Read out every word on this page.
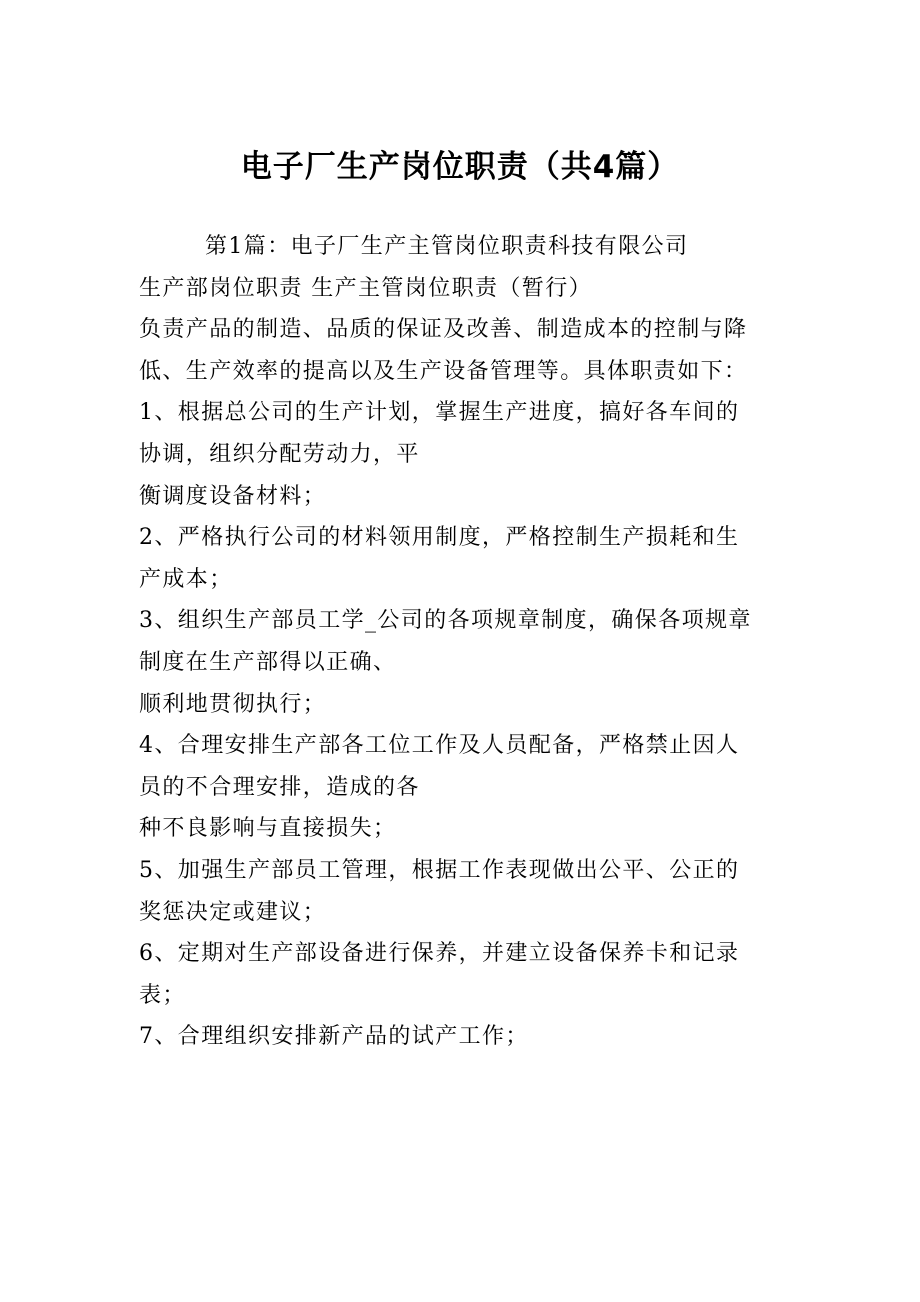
电子厂生产岗位职责（共4篇）

第1篇：电子厂生产主管岗位职责科技有限公司

生产部岗位职责 生产主管岗位职责（暂行）

负责产品的制造、品质的保证及改善、制造成本的控制与降

低、生产效率的提高以及生产设备管理等。具体职责如下：

1、根据总公司的生产计划，掌握生产进度，搞好各车间的

协调，组织分配劳动力，平

衡调度设备材料；

2、严格执行公司的材料领用制度，严格控制生产损耗和生

产成本；

3、组织生产部员工学_公司的各项规章制度，确保各项规章

制度在生产部得以正确、

顺利地贯彻执行；

4、合理安排生产部各工位工作及人员配备，严格禁止因人

员的不合理安排，造成的各

种不良影响与直接损失；

5、加强生产部员工管理，根据工作表现做出公平、公正的

奖惩决定或建议；

6、定期对生产部设备进行保养，并建立设备保养卡和记录

表；

7、合理组织安排新产品的试产工作；
